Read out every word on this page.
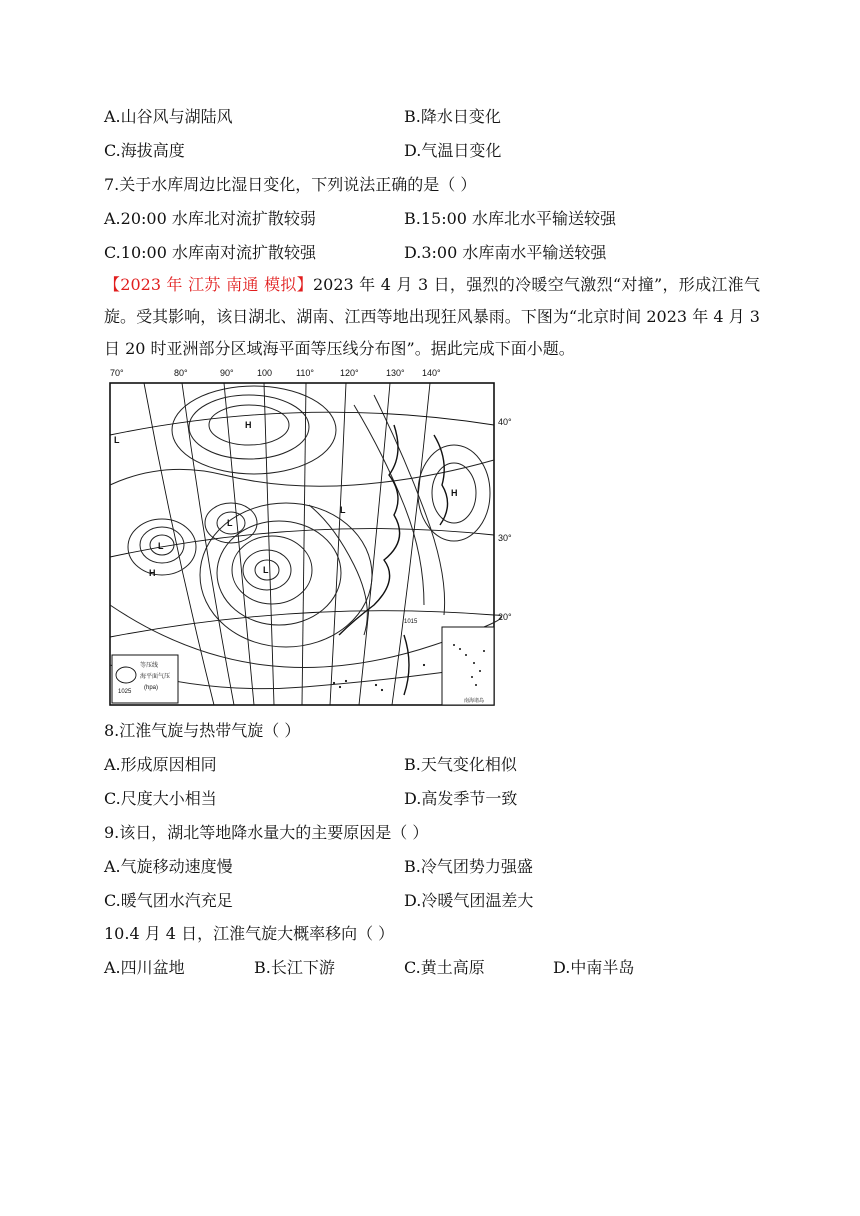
A.山谷风与湖陆风	B.降水日变化
C.海拔高度	D.气温日变化
7.关于水库周边比湿日变化，下列说法正确的是（ ）
A.20:00 水库北对流扩散较弱	B.15:00 水库北水平输送较强
C.10:00 水库南对流扩散较强	D.3:00 水库南水平输送较强
【2023 年 江苏 南通 模拟】2023 年 4 月 3 日，强烈的冷暖空气激烈“对撞”，形成江淮气旋。受其影响，该日湖北、湖南、江西等地出现狂风暴雨。下图为“北京时间 2023 年 4 月 3 日 20 时亚洲部分区域海平面等压线分布图”。据此完成下面小题。
70°	80°	90°	100	110°	120°	130° 140°
40°
30°
20°
H
H
H
L
L
L
L
L
1015
等压线
海平面气压
(hpa)
1025
南海诸岛
8.江淮气旋与热带气旋（ ）
A.形成原因相同	B.天气变化相似
C.尺度大小相当	D.高发季节一致
9.该日，湖北等地降水量大的主要原因是（ ）
A.气旋移动速度慢	B.冷气团势力强盛
C.暖气团水汽充足	D.冷暖气团温差大
10.4 月 4 日，江淮气旋大概率移向（ ）
A.四川盆地	B.长江下游	C.黄土高原	D.中南半岛
